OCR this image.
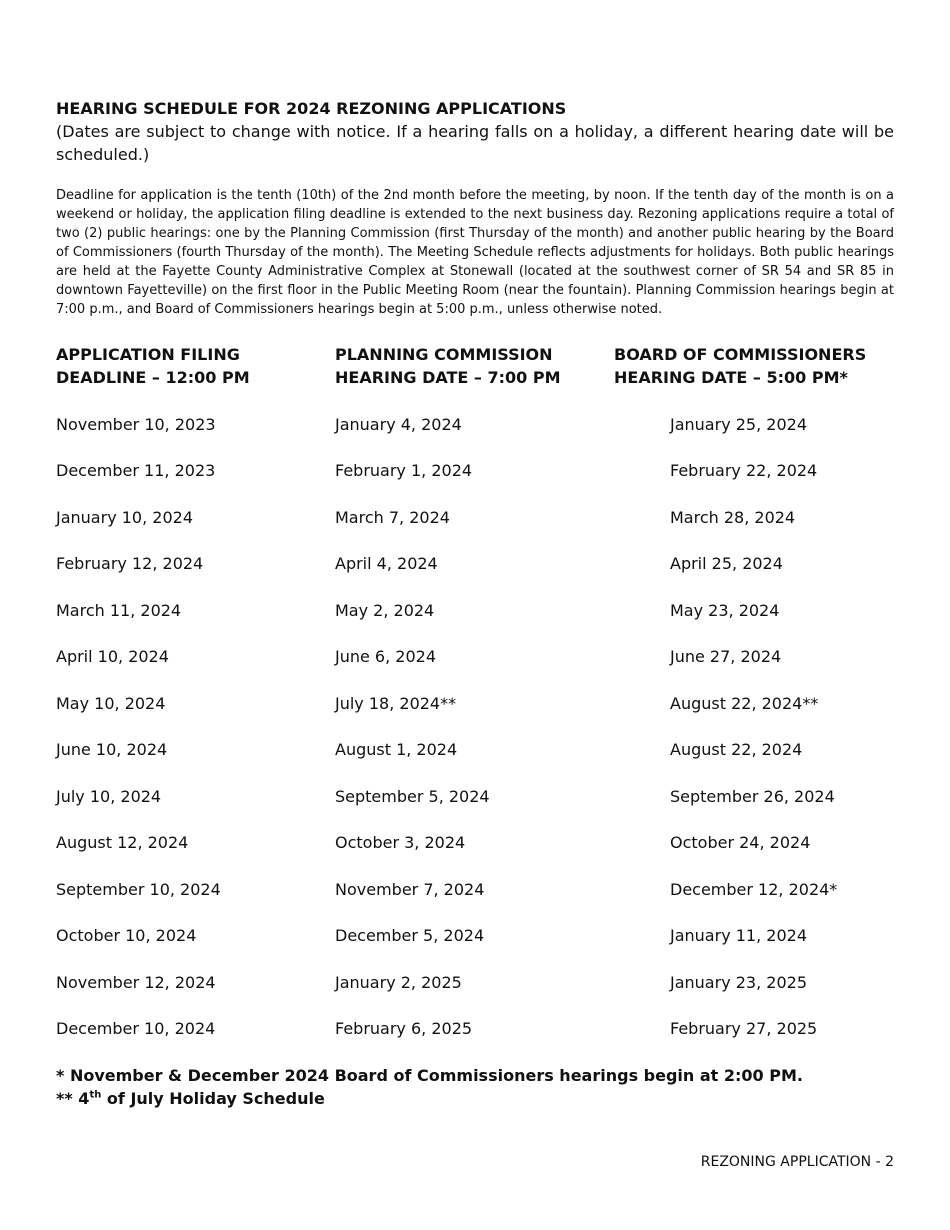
HEARING SCHEDULE FOR 2024 REZONING APPLICATIONS

(Dates are subject to change with notice. If a hearing falls on a holiday, a different hearing date will be scheduled.)

Deadline for application is the tenth (10th) of the 2nd month before the meeting, by noon. If the tenth day of the month is on a weekend or holiday, the application filing deadline is extended to the next business day. Rezoning applications require a total of two (2) public hearings: one by the Planning Commission (first Thursday of the month) and another public hearing by the Board of Commissioners (fourth Thursday of the month). The Meeting Schedule reflects adjustments for holidays. Both public hearings are held at the Fayette County Administrative Complex at Stonewall (located at the southwest corner of SR 54 and SR 85 in downtown Fayetteville) on the first floor in the Public Meeting Room (near the fountain). Planning Commission hearings begin at 7:00 p.m., and Board of Commissioners hearings begin at 5:00 p.m., unless otherwise noted.

APPLICATION FILING
DEADLINE – 12:00 PM
PLANNING COMMISSION
HEARING DATE – 7:00 PM
BOARD OF COMMISSIONERS
HEARING DATE – 5:00 PM*
November 10, 2023	January 4, 2024	January 25, 2024
December 11, 2023	February 1, 2024	February 22, 2024
January 10, 2024	March 7, 2024	March 28, 2024
February 12, 2024	April 4, 2024	April 25, 2024
March 11, 2024	May 2, 2024	May 23, 2024
April 10, 2024	June 6, 2024	June 27, 2024
May 10, 2024	July 18, 2024**	August 22, 2024**
June 10, 2024	August 1, 2024	August 22, 2024
July 10, 2024	September 5, 2024	September 26, 2024
August 12, 2024	October 3, 2024	October 24, 2024
September 10, 2024	November 7, 2024	December 12, 2024*
October 10, 2024	December 5, 2024	January 11, 2024
November 12, 2024	January 2, 2025	January 23, 2025
December 10, 2024	February 6, 2025	February 27, 2025

* November & December 2024 Board of Commissioners hearings begin at 2:00 PM.

** 4th of July Holiday Schedule

REZONING APPLICATION - 2
